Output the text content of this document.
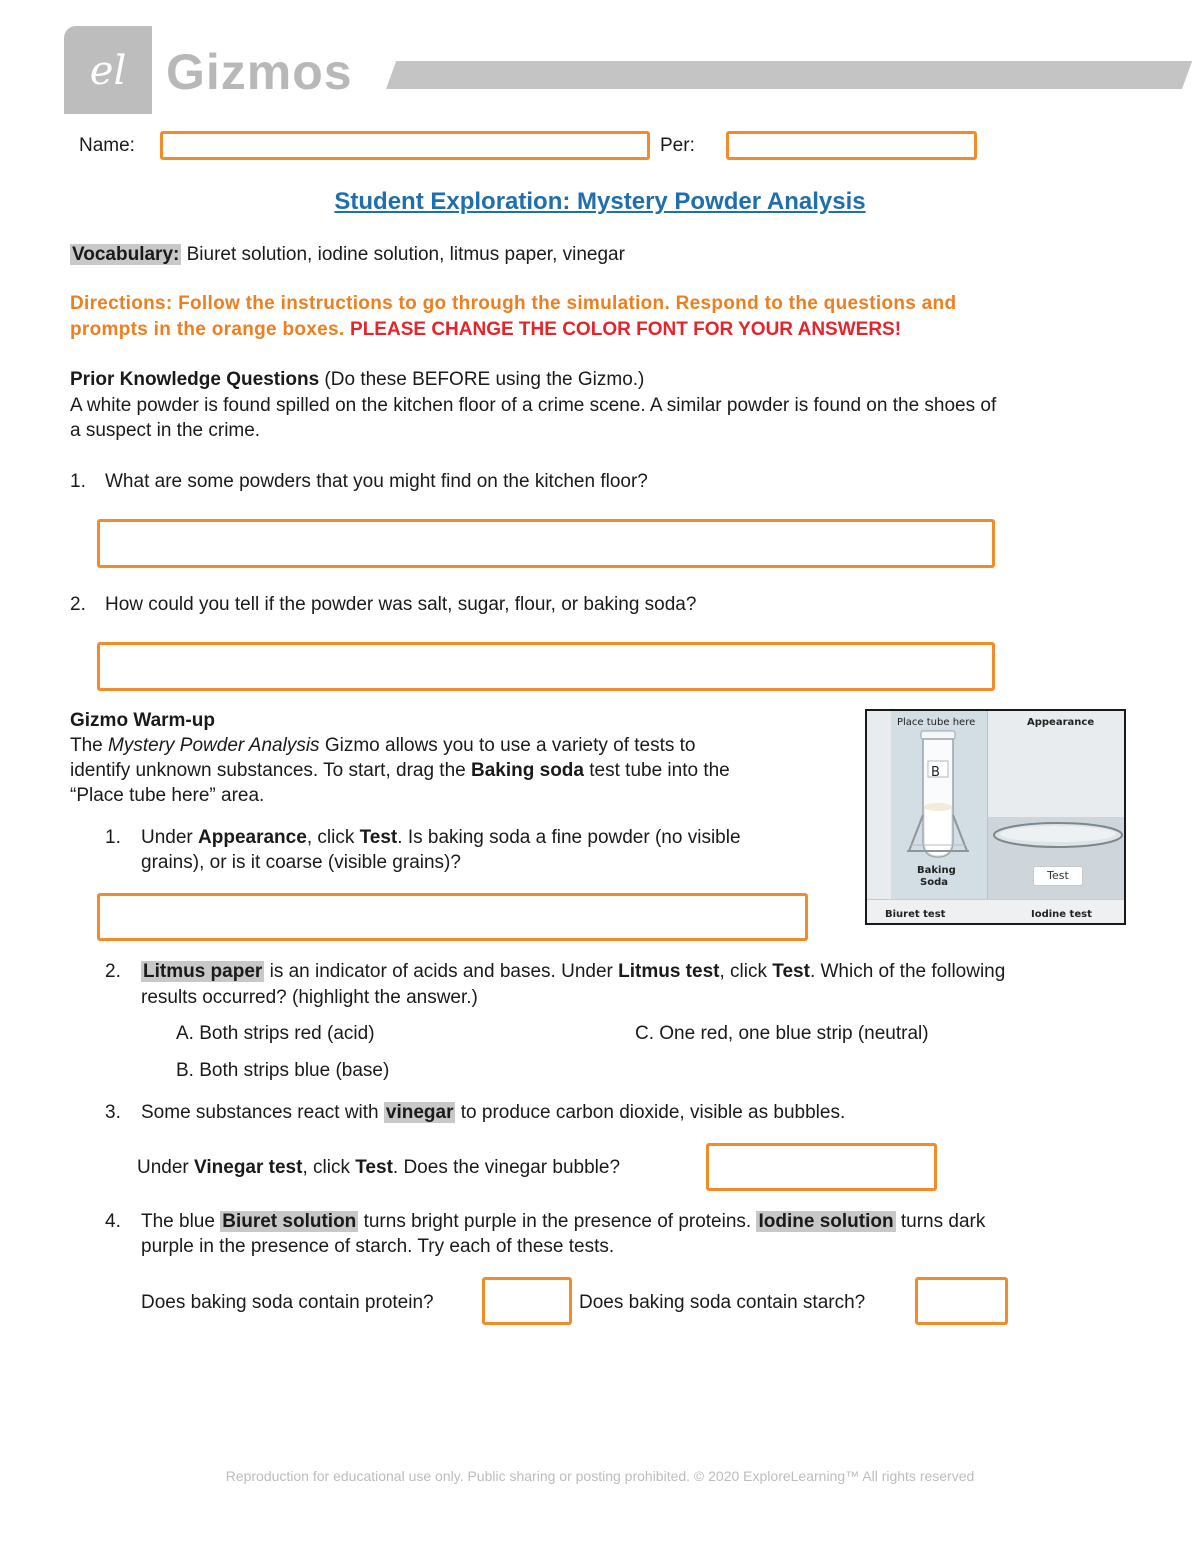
el Gizmos
Name:	Per:
Student Exploration: Mystery Powder Analysis
Vocabulary: Biuret solution, iodine solution, litmus paper, vinegar
Directions: Follow the instructions to go through the simulation. Respond to the questions and
prompts in the orange boxes. PLEASE CHANGE THE COLOR FONT FOR YOUR ANSWERS!
Prior Knowledge Questions (Do these BEFORE using the Gizmo.)
A white powder is found spilled on the kitchen floor of a crime scene. A similar powder is found on the shoes of
a suspect in the crime.
1. What are some powders that you might find on the kitchen floor?
2. How could you tell if the powder was salt, sugar, flour, or baking soda?
Gizmo Warm-up
The Mystery Powder Analysis Gizmo allows you to use a variety of tests to
identify unknown substances. To start, drag the Baking soda test tube into the
“Place tube here” area.
1. Under Appearance, click Test. Is baking soda a fine powder (no visible
grains), or is it coarse (visible grains)?
Place tube here
B
Baking
Soda
Appearance
Test
Biuret test	Iodine test
2. Litmus paper is an indicator of acids and bases. Under Litmus test, click Test. Which of the following
results occurred? (highlight the answer.)
A. Both strips red (acid)	C. One red, one blue strip (neutral)
B. Both strips blue (base)
3. Some substances react with vinegar to produce carbon dioxide, visible as bubbles.
Under Vinegar test, click Test. Does the vinegar bubble?
4. The blue Biuret solution turns bright purple in the presence of proteins. Iodine solution turns dark
purple in the presence of starch. Try each of these tests.
Does baking soda contain protein?	Does baking soda contain starch?
Reproduction for educational use only. Public sharing or posting prohibited. © 2020 ExploreLearning™ All rights reserved
